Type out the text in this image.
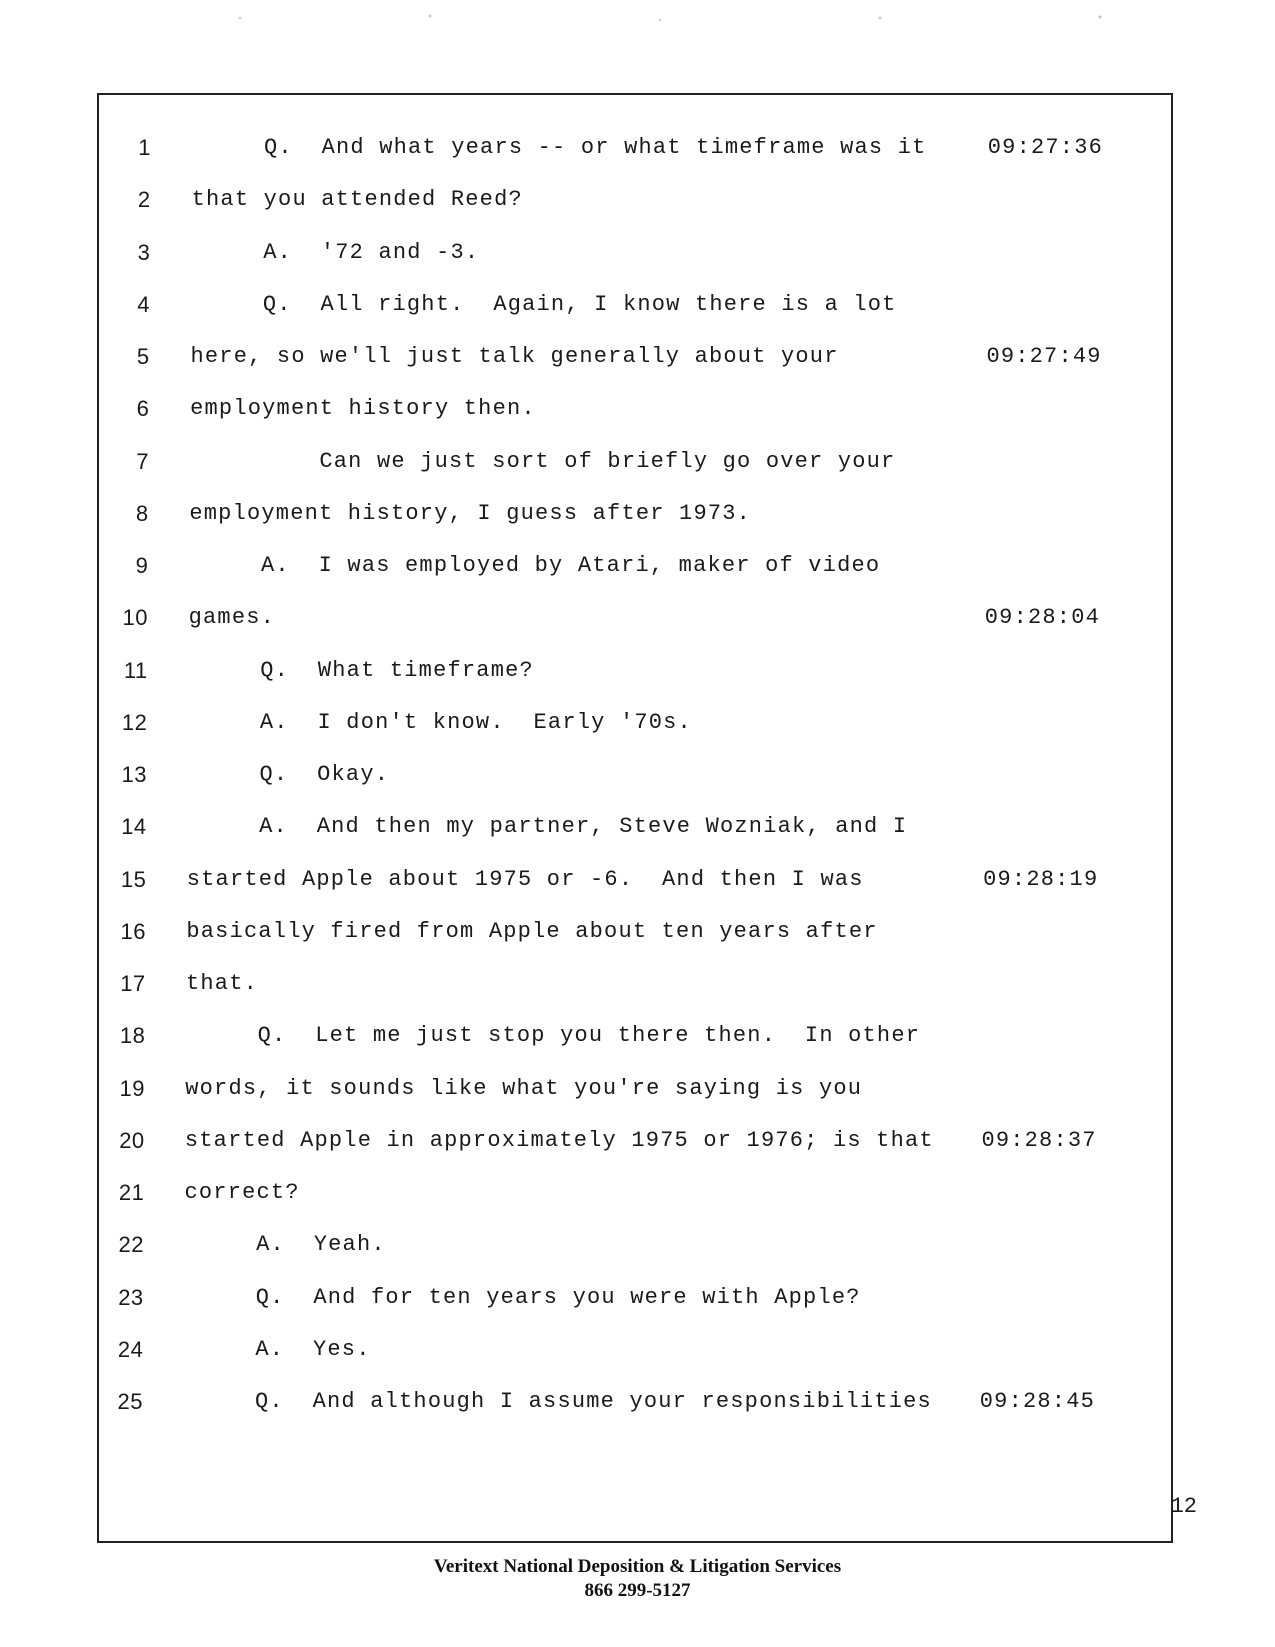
1 Q.  And what years -- or what timeframe was it	09:27:36
2 that you attended Reed?
3 A.  '72 and -3.
4 Q.  All right.  Again, I know there is a lot
5 here, so we'll just talk generally about your	09:27:49
6 employment history then.
7 Can we just sort of briefly go over your
8 employment history, I guess after 1973.
9 A.  I was employed by Atari, maker of video
10 games.	09:28:04
11 Q.  What timeframe?
12 A.  I don't know.  Early '70s.
13 Q.  Okay.
14 A.  And then my partner, Steve Wozniak, and I
15 started Apple about 1975 or -6.  And then I was	09:28:19
16 basically fired from Apple about ten years after
17 that.
18 Q.  Let me just stop you there then.  In other
19 words, it sounds like what you're saying is you
20 started Apple in approximately 1975 or 1976; is that 09:28:37
21 correct?
22 A.  Yeah.
23 Q.  And for ten years you were with Apple?
24 A.  Yes.
25 Q.  And although I assume your responsibilities 09:28:45
12
Veritext National Deposition & Litigation Services
866 299-5127
